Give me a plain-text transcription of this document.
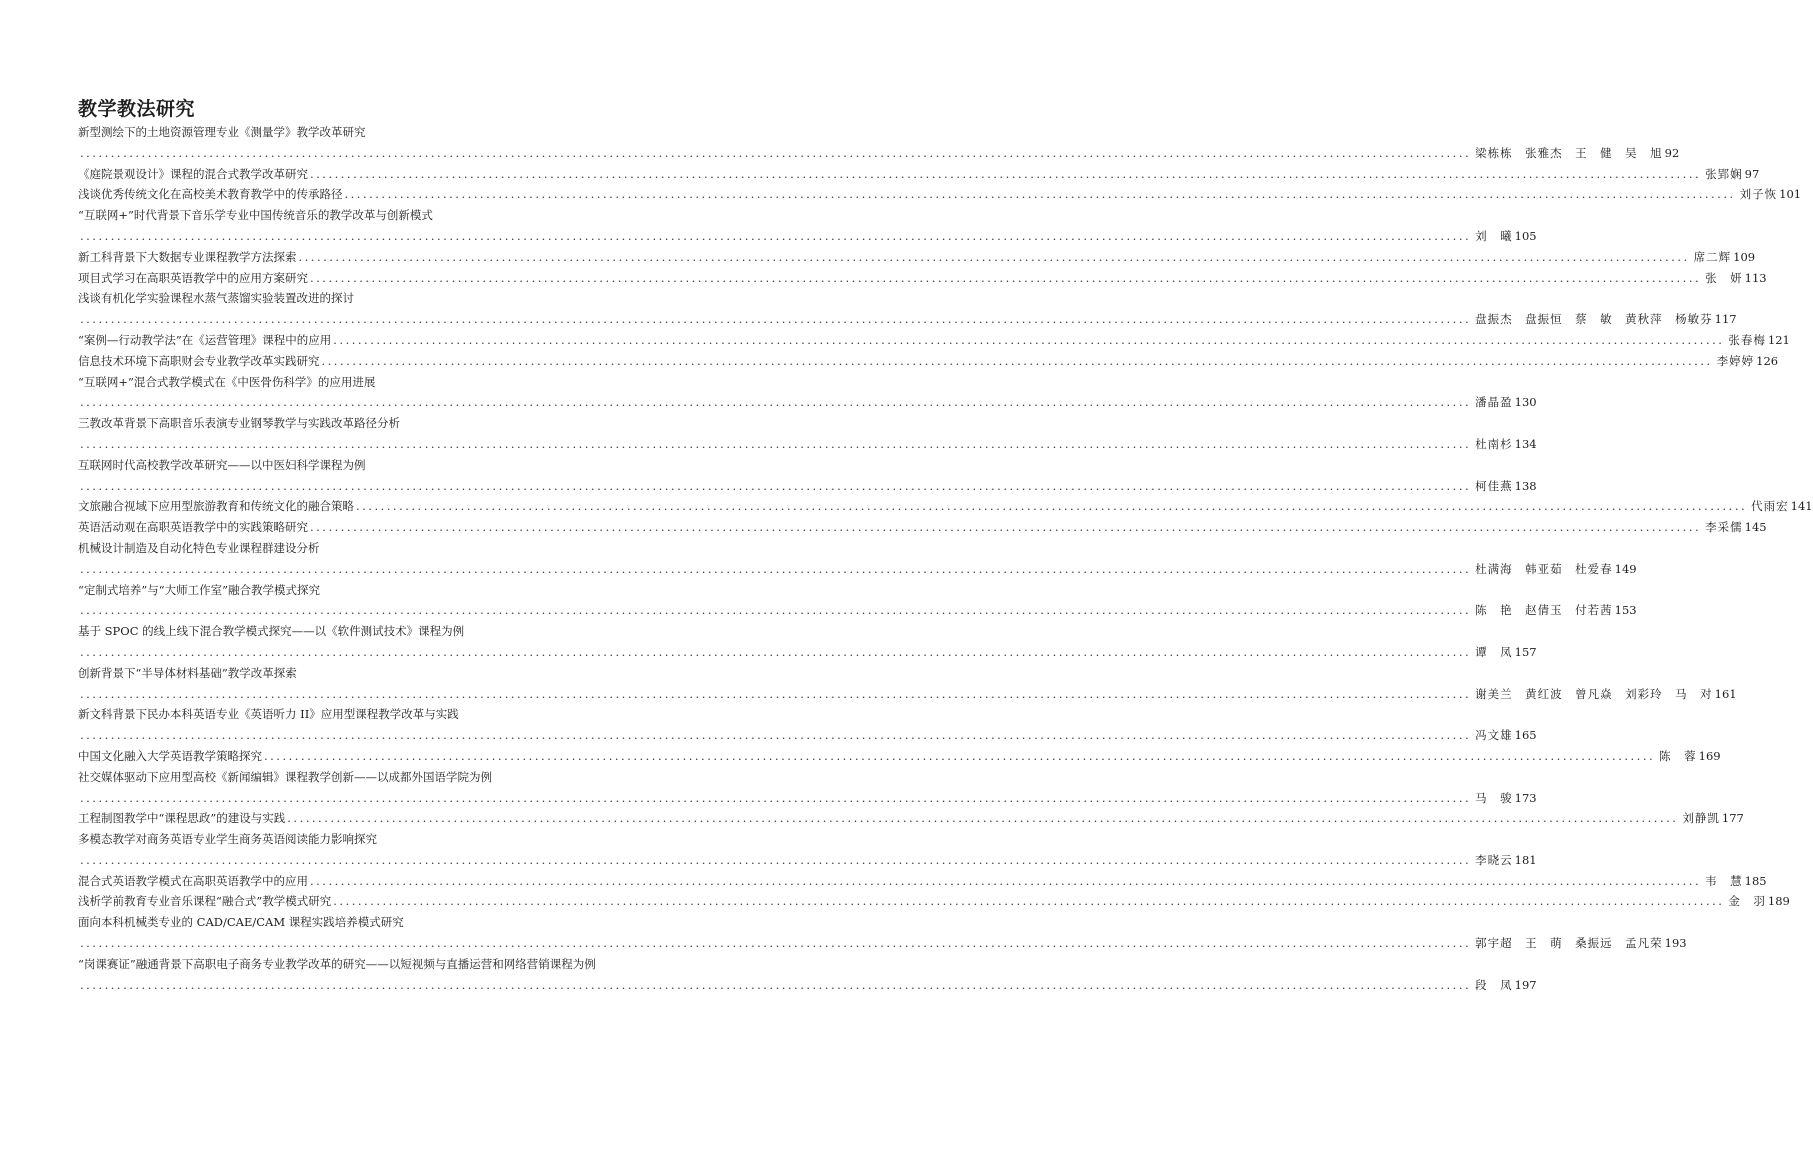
教学教法研究
新型测绘下的土地资源管理专业《测量学》教学改革研究
.....
梁栋栋　张雅杰　王　健　吴　旭 92
《庭院景观设计》课程的混合式教学改革研究 .....	张郢娴 97
浅谈优秀传统文化在高校美术教育教学中的传承路径 .....	刘子恢 101
“互联网+”时代背景下音乐学专业中国传统音乐的教学改革与创新模式
.....
刘　曦 105
新工科背景下大数据专业课程教学方法探索 .....	席二辉 109
项目式学习在高职英语教学中的应用方案研究 .....	张　妍 113
浅谈有机化学实验课程水蒸气蒸馏实验装置改进的探讨
.....
盘振杰　盘振恒　蔡　敏　黄秋萍　杨敏芬 117
“案例—行动教学法”在《运营管理》课程中的应用 .....	张春梅 121
信息技术环境下高职财会专业教学改革实践研究 .....	李婷婷 126
“互联网+”混合式教学模式在《中医骨伤科学》的应用进展
.....
潘晶盈 130
三教改革背景下高职音乐表演专业钢琴教学与实践改革路径分析
.....
杜南杉 134
互联网时代高校教学改革研究——以中医妇科学课程为例
.....
柯佳燕 138
文旅融合视域下应用型旅游教育和传统文化的融合策略 .....	代雨宏 141
英语活动观在高职英语教学中的实践策略研究 .....	李采儒 145
机械设计制造及自动化特色专业课程群建设分析
.....
杜满海　韩亚茹　杜爱春 149
“定制式培养”与“大师工作室”融合教学模式探究
.....
陈　艳　赵倩玉　付若茜 153
基于 SPOC 的线上线下混合教学模式探究——以《软件测试技术》课程为例
.....
谭　凤 157
创新背景下“半导体材料基础”教学改革探索
.....
谢美兰　黄红波　曾凡焱　刘彩玲　马　对 161
新文科背景下民办本科英语专业《英语听力 II》应用型课程教学改革与实践
.....
冯文雄 165
中国文化融入大学英语教学策略探究 .....	陈　蓉 169
社交媒体驱动下应用型高校《新闻编辑》课程教学创新——以成都外国语学院为例
.....
马　骏 173
工程制图教学中“课程思政”的建设与实践 .....	刘静凯 177
多模态教学对商务英语专业学生商务英语阅读能力影响探究
.....
李晓云 181
混合式英语教学模式在高职英语教学中的应用 .....	韦　慧 185
浅析学前教育专业音乐课程“融合式”教学模式研究 .....	金　羽 189
面向本科机械类专业的 CAD/CAE/CAM 课程实践培养模式研究
.....
郭宇超　王　萌　桑振远　孟凡荣 193
“岗课赛证”融通背景下高职电子商务专业教学改革的研究——以短视频与直播运营和网络营销课程为例
.....
段　凤 197
